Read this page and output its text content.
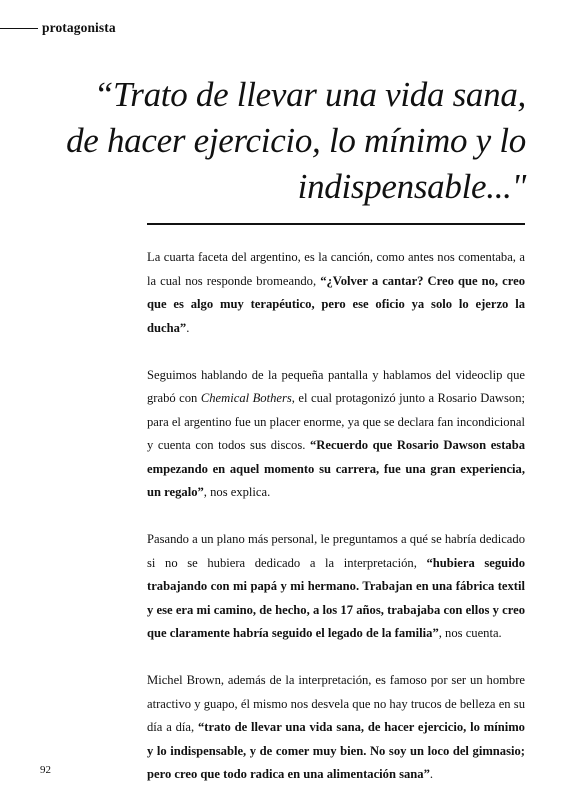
protagonista
“Trato de llevar una vida sana,
de hacer ejercicio, lo mínimo y lo
indispensable..."

La cuarta faceta del argentino, es la canción, como antes nos comentaba, a la cual nos responde bromeando, “¿Volver a cantar? Creo que no, creo que es algo muy terapéutico, pero ese oficio ya solo lo ejerzo la ducha”.

Seguimos hablando de la pequeña pantalla y hablamos del videoclip que grabó con Chemical Bothers, el cual protagonizó junto a Rosario Dawson; para el argentino fue un placer enorme, ya que se declara fan incondicional y cuenta con todos sus discos. “Recuerdo que Rosario Dawson estaba empezando en aquel momento su carrera, fue una gran experiencia, un regalo”, nos explica.

Pasando a un plano más personal, le preguntamos a qué se habría dedicado si no se hubiera dedicado a la interpretación, “hubiera seguido trabajando con mi papá y mi hermano. Trabajan en una fábrica textil y ese era mi camino, de hecho, a los 17 años, trabajaba con ellos y creo que claramente habría seguido el legado de la familia”, nos cuenta.

Michel Brown, además de la interpretación, es famoso por ser un hombre atractivo y guapo, él mismo nos desvela que no hay trucos de belleza en su día a día, “trato de llevar una vida sana, de hacer ejercicio, lo mínimo y lo indispensable, y de comer muy bien. No soy un loco del gimnasio; pero creo que todo radica en una alimentación sana”.

92
